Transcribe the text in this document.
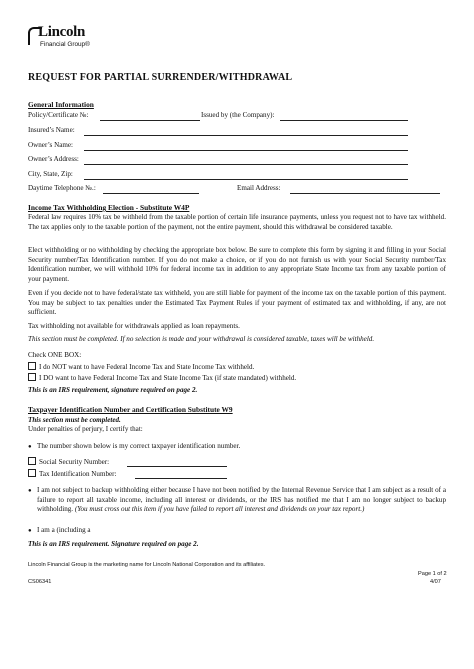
Lincoln
Financial Group®
REQUEST FOR PARTIAL SURRENDER/WITHDRAWAL
General Information
Policy/Certificate №:	Issued by (the Company):
Insured’s Name:
Owner’s Name:
Owner’s Address:
City, State, Zip:
Daytime Telephone №.:	Email Address:
Income Tax Withholding Election - Substitute W4P
Federal law requires 10% tax be withheld from the taxable portion of certain life insurance payments, unless you request not to have tax withheld. The tax applies only to the taxable portion of the payment, not the entire payment, should this withdrawal be considered taxable.
Elect withholding or no withholding by checking the appropriate box below. Be sure to complete this form by signing it and filling in your Social Security number/Tax Identification number. If you do not make a choice, or if you do not furnish us with your Social Security number/Tax Identification number, we will withhold 10% for federal income tax in addition to any appropriate State Income tax from any taxable portion of your payment.
Even if you decide not to have federal/state tax withheld, you are still liable for payment of the income tax on the taxable portion of this payment. You may be subject to tax penalties under the Estimated Tax Payment Rules if your payment of estimated tax and withholding, if any, are not sufficient.
Tax withholding not available for withdrawals applied as loan repayments.
This section must be completed. If no selection is made and your withdrawal is considered taxable, taxes will be withheld.
Check ONE BOX:
I do NOT want to have Federal Income Tax and State Income Tax withheld.
I DO want to have Federal Income Tax and State Income Tax (if state mandated) withheld.
This is an IRS requirement, signature required on page 2.
Taxpayer Identification Number and Certification Substitute W9
This section must be completed.
Under penalties of perjury, I certify that:
● The number shown below is my correct taxpayer identification number.
Social Security Number:
Tax Identification Number:
● I am not subject to backup withholding either because I have not been notified by the Internal Revenue Service that I am subject as a result of a failure to report all taxable income, including all interest or dividends, or the IRS has notified me that I am no longer subject to backup withholding. (You must cross out this item if you have failed to report all interest and dividends on your tax report.)
● I am a (including a
This is an IRS requirement. Signature required on page 2.
Lincoln Financial Group is the marketing name for Lincoln National Corporation and its affiliates.
Page 1 of 2
CS06341	4/07
